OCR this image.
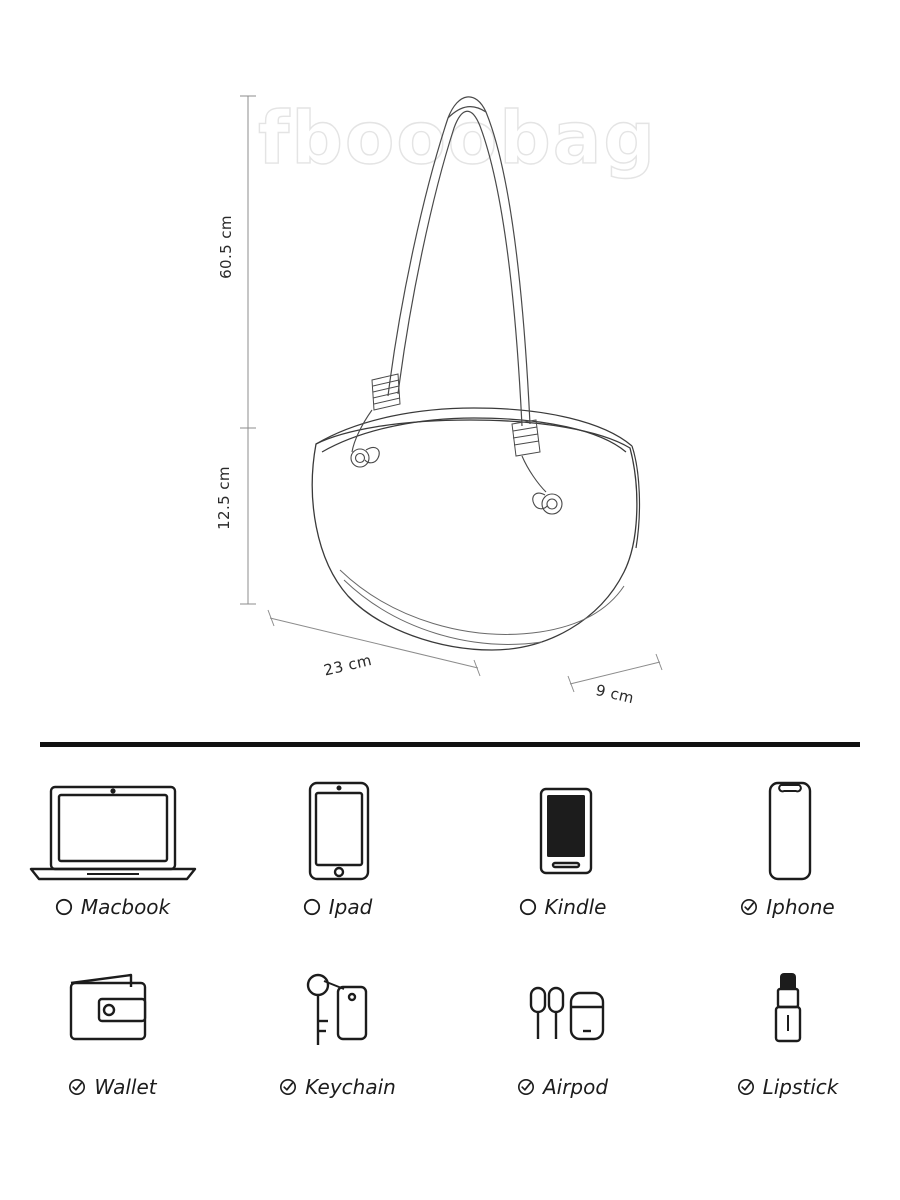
fbooobag
60.5 cm
12.5 cm
23 cm
9 cm
Macbook	Ipad	Kindle	Iphone
Wallet	Keychain	Airpod	Lipstick
